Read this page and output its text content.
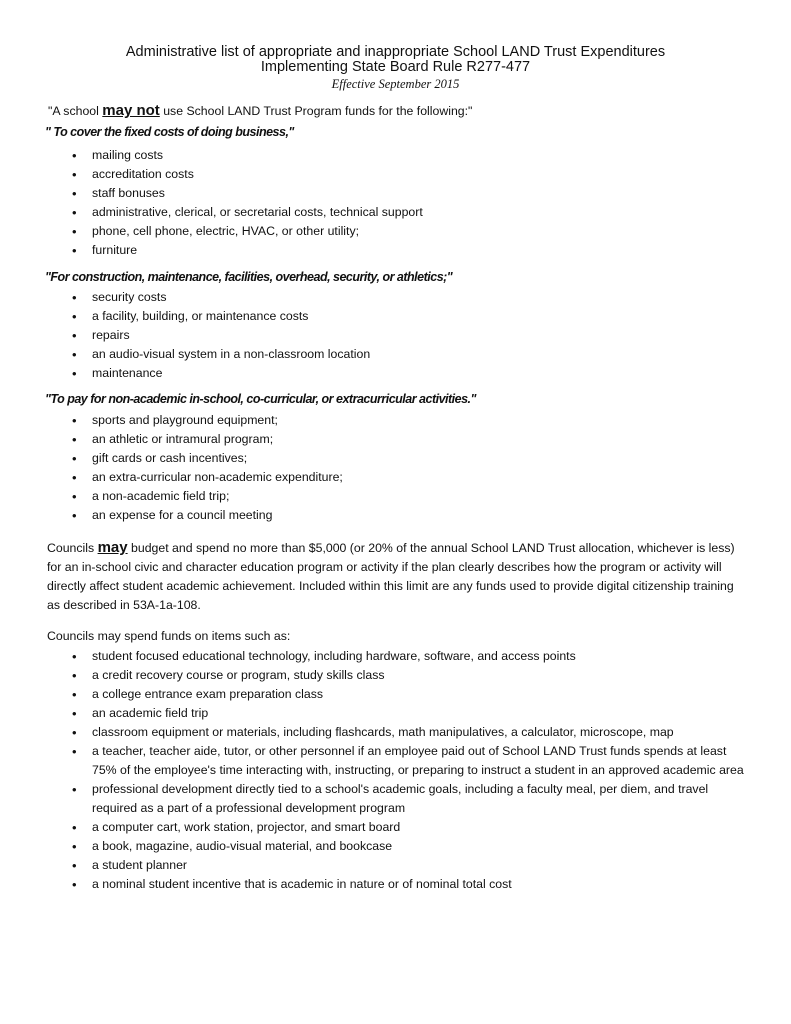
Administrative list of appropriate and inappropriate School LAND Trust Expenditures
Implementing State Board Rule R277-477
Effective September 2015
"A school may not use School LAND Trust Program funds for the following:"
" To cover the fixed costs of doing business,"
• mailing costs
• accreditation costs
• staff bonuses
• administrative, clerical, or secretarial costs, technical support
• phone, cell phone, electric, HVAC, or other utility;
• furniture
"For construction, maintenance, facilities, overhead, security, or athletics;"
• security costs
• a facility, building, or maintenance costs
• repairs
• an audio-visual system in a non-classroom location
• maintenance
"To pay for non-academic in-school, co-curricular, or extracurricular activities."
• sports and playground equipment;
• an athletic or intramural program;
• gift cards or cash incentives;
• an extra-curricular non-academic expenditure;
• a non-academic field trip;
• an expense for a council meeting
Councils may budget and spend no more than $5,000 (or 20% of the annual School LAND Trust allocation, whichever is less) for an in-school civic and character education program or activity if the plan clearly describes how the program or activity will directly affect student academic achievement. Included within this limit are any funds used to provide digital citizenship training as described in 53A-1a-108.
Councils may spend funds on items such as:
• student focused educational technology, including hardware, software, and access points
• a credit recovery course or program, study skills class
• a college entrance exam preparation class
• an academic field trip
• classroom equipment or materials, including flashcards, math manipulatives, a calculator, microscope, map
• a teacher, teacher aide, tutor, or other personnel if an employee paid out of School LAND Trust funds spends at least 75% of the employee's time interacting with, instructing, or preparing to instruct a student in an approved academic area
• professional development directly tied to a school's academic goals, including a faculty meal, per diem, and travel required as a part of a professional development program
• a computer cart, work station, projector, and smart board
• a book, magazine, audio-visual material, and bookcase
• a student planner
• a nominal student incentive that is academic in nature or of nominal total cost
